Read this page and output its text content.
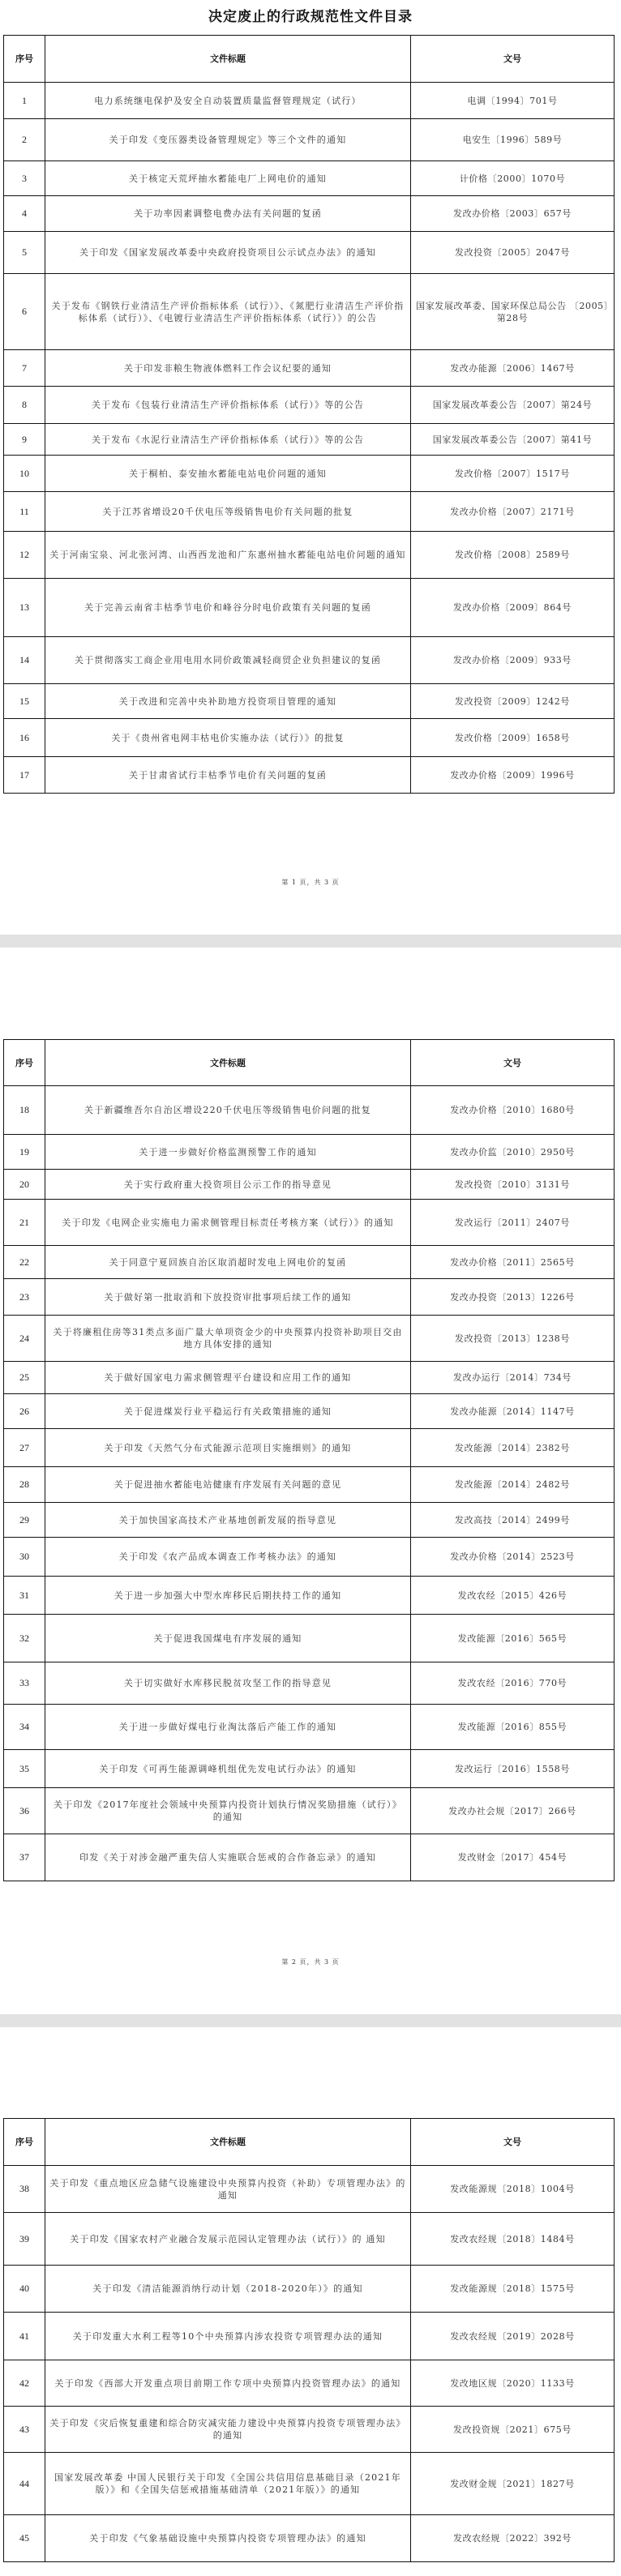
决定废止的行政规范性文件目录
序号	文件标题	文号
1	电力系统继电保护及安全自动装置质量监督管理规定（试行）	电调〔1994〕701号
2	关于印发《变压器类设备管理规定》等三个文件的通知	电安生〔1996〕589号
3	关于核定天荒坪抽水蓄能电厂上网电价的通知	计价格〔2000〕1070号
4	关于功率因素调整电费办法有关问题的复函	发改办价格〔2003〕657号
5	关于印发《国家发展改革委中央政府投资项目公示试点办法》的通知	发改投资〔2005〕2047号
6	关于发布《钢铁行业清洁生产评价指标体系（试行）》、《氮肥行业清洁生产评价指标体系（试行）》、《电镀行业清洁生产评价指标体系（试行）》的公告	国家发展改革委、国家环保总局公告 〔2005〕第28号
7	关于印发非粮生物液体燃料工作会议纪要的通知	发改办能源〔2006〕1467号
8	关于发布《包装行业清洁生产评价指标体系（试行）》等的公告	国家发展改革委公告〔2007〕第24号
9	关于发布《水泥行业清洁生产评价指标体系（试行）》等的公告	国家发展改革委公告〔2007〕第41号
10	关于桐柏、泰安抽水蓄能电站电价问题的通知	发改价格〔2007〕1517号
11	关于江苏省增设20千伏电压等级销售电价有关问题的批复	发改办价格〔2007〕2171号
12	关于河南宝泉、河北张河湾、山西西龙池和广东惠州抽水蓄能电站电价问题的通知	发改价格〔2008〕2589号
13	关于完善云南省丰枯季节电价和峰谷分时电价政策有关问题的复函	发改办价格〔2009〕864号
14	关于贯彻落实工商企业用电用水同价政策减轻商贸企业负担建议的复函	发改办价格〔2009〕933号
15	关于改进和完善中央补助地方投资项目管理的通知	发改投资〔2009〕1242号
16	关于《贵州省电网丰枯电价实施办法（试行）》的批复	发改价格〔2009〕1658号
17	关于甘肃省试行丰枯季节电价有关问题的复函	发改办价格〔2009〕1996号
第 1 页，共 3 页
序号	文件标题	文号
18	关于新疆维吾尔自治区增设220千伏电压等级销售电价问题的批复	发改办价格〔2010〕1680号
19	关于进一步做好价格监测预警工作的通知	发改办价监〔2010〕2950号
20	关于实行政府重大投资项目公示工作的指导意见	发改投资〔2010〕3131号
21	关于印发《电网企业实施电力需求侧管理目标责任考核方案（试行）》的通知	发改运行〔2011〕2407号
22	关于同意宁夏回族自治区取消超时发电上网电价的复函	发改办价格〔2011〕2565号
23	关于做好第一批取消和下放投资审批事项后续工作的通知	发改办投资〔2013〕1226号
24	关于将廉租住房等31类点多面广量大单项资金少的中央预算内投资补助项目交由地方具体安排的通知	发改投资〔2013〕1238号
25	关于做好国家电力需求侧管理平台建设和应用工作的通知	发改办运行〔2014〕734号
26	关于促进煤炭行业平稳运行有关政策措施的通知	发改办能源〔2014〕1147号
27	关于印发《天然气分布式能源示范项目实施细则》的通知	发改能源〔2014〕2382号
28	关于促进抽水蓄能电站健康有序发展有关问题的意见	发改能源〔2014〕2482号
29	关于加快国家高技术产业基地创新发展的指导意见	发改高技〔2014〕2499号
30	关于印发《农产品成本调查工作考核办法》的通知	发改办价格〔2014〕2523号
31	关于进一步加强大中型水库移民后期扶持工作的通知	发改农经〔2015〕426号
32	关于促进我国煤电有序发展的通知	发改能源〔2016〕565号
33	关于切实做好水库移民脱贫攻坚工作的指导意见	发改农经〔2016〕770号
34	关于进一步做好煤电行业淘汰落后产能工作的通知	发改能源〔2016〕855号
35	关于印发《可再生能源调峰机组优先发电试行办法》的通知	发改运行〔2016〕1558号
36	关于印发《2017年度社会领域中央预算内投资计划执行情况奖励措施（试行）》的通知	发改办社会规〔2017〕266号
37	印发《关于对涉金融严重失信人实施联合惩戒的合作备忘录》的通知	发改财金〔2017〕454号
第 2 页，共 3 页
序号	文件标题	文号
38	关于印发《重点地区应急储气设施建设中央预算内投资（补助）专项管理办法》的通知	发改能源规〔2018〕1004号
39	关于印发《国家农村产业融合发展示范园认定管理办法（试行）》的 通知	发改农经规〔2018〕1484号
40	关于印发《清洁能源消纳行动计划（2018-2020年）》的通知	发改能源规〔2018〕1575号
41	关于印发重大水利工程等10个中央预算内涉农投资专项管理办法的通知	发改农经规〔2019〕2028号
42	关于印发《西部大开发重点项目前期工作专项中央预算内投资管理办法》的通知	发改地区规〔2020〕1133号
43	关于印发《灾后恢复重建和综合防灾减灾能力建设中央预算内投资专项管理办法》的通知	发改投资规〔2021〕675号
44	国家发展改革委 中国人民银行关于印发《全国公共信用信息基础目录（2021年版）》和《全国失信惩戒措施基础清单（2021年版）》的通知	发改财金规〔2021〕1827号
45	关于印发《气象基础设施中央预算内投资专项管理办法》的通知	发改农经规〔2022〕392号
